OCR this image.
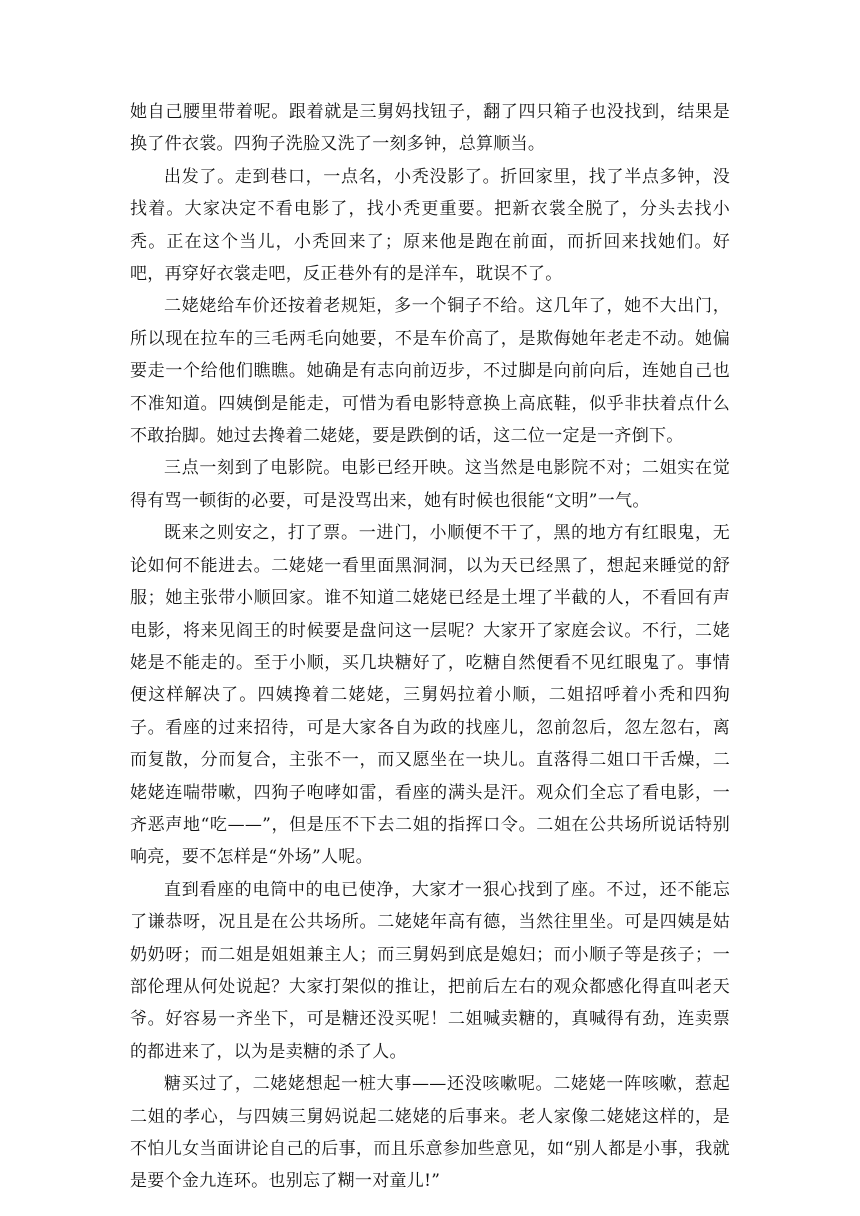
她自己腰里带着呢。跟着就是三舅妈找钮子，翻了四只箱子也没找到，结果是换了件衣裳。四狗子洗脸又洗了一刻多钟，总算顺当。

出发了。走到巷口，一点名，小秃没影了。折回家里，找了半点多钟，没找着。大家决定不看电影了，找小秃更重要。把新衣裳全脱了，分头去找小秃。正在这个当儿，小秃回来了；原来他是跑在前面，而折回来找她们。好吧，再穿好衣裳走吧，反正巷外有的是洋车，耽误不了。

二姥姥给车价还按着老规矩，多一个铜子不给。这几年了，她不大出门，所以现在拉车的三毛两毛向她要，不是车价高了，是欺侮她年老走不动。她偏要走一个给他们瞧瞧。她确是有志向前迈步，不过脚是向前向后，连她自己也不准知道。四姨倒是能走，可惜为看电影特意换上高底鞋，似乎非扶着点什么不敢抬脚。她过去搀着二姥姥，要是跌倒的话，这二位一定是一齐倒下。

三点一刻到了电影院。电影已经开映。这当然是电影院不对；二姐实在觉得有骂一顿街的必要，可是没骂出来，她有时候也很能“文明”一气。

既来之则安之，打了票。一进门，小顺便不干了，黑的地方有红眼鬼，无论如何不能进去。二姥姥一看里面黑洞洞，以为天已经黑了，想起来睡觉的舒服；她主张带小顺回家。谁不知道二姥姥已经是土埋了半截的人，不看回有声电影，将来见阎王的时候要是盘问这一层呢？大家开了家庭会议。不行，二姥姥是不能走的。至于小顺，买几块糖好了，吃糖自然便看不见红眼鬼了。事情便这样解决了。四姨搀着二姥姥，三舅妈拉着小顺，二姐招呼着小秃和四狗子。看座的过来招待，可是大家各自为政的找座儿，忽前忽后，忽左忽右，离而复散，分而复合，主张不一，而又愿坐在一块儿。直落得二姐口干舌燥，二姥姥连喘带嗽，四狗子咆哮如雷，看座的满头是汗。观众们全忘了看电影，一齐恶声地“吃——”，但是压不下去二姐的指挥口令。二姐在公共场所说话特别响亮，要不怎样是“外场”人呢。

直到看座的电筒中的电已使净，大家才一狠心找到了座。不过，还不能忘了谦恭呀，况且是在公共场所。二姥姥年高有德，当然往里坐。可是四姨是姑奶奶呀；而二姐是姐姐兼主人；而三舅妈到底是媳妇；而小顺子等是孩子；一部伦理从何处说起？大家打架似的推让，把前后左右的观众都感化得直叫老天爷。好容易一齐坐下，可是糖还没买呢！二姐喊卖糖的，真喊得有劲，连卖票的都进来了，以为是卖糖的杀了人。

糖买过了，二姥姥想起一桩大事——还没咳嗽呢。二姥姥一阵咳嗽，惹起二姐的孝心，与四姨三舅妈说起二姥姥的后事来。老人家像二姥姥这样的，是不怕儿女当面讲论自己的后事，而且乐意参加些意见，如“别人都是小事，我就是要个金九连环。也别忘了糊一对童儿!”
